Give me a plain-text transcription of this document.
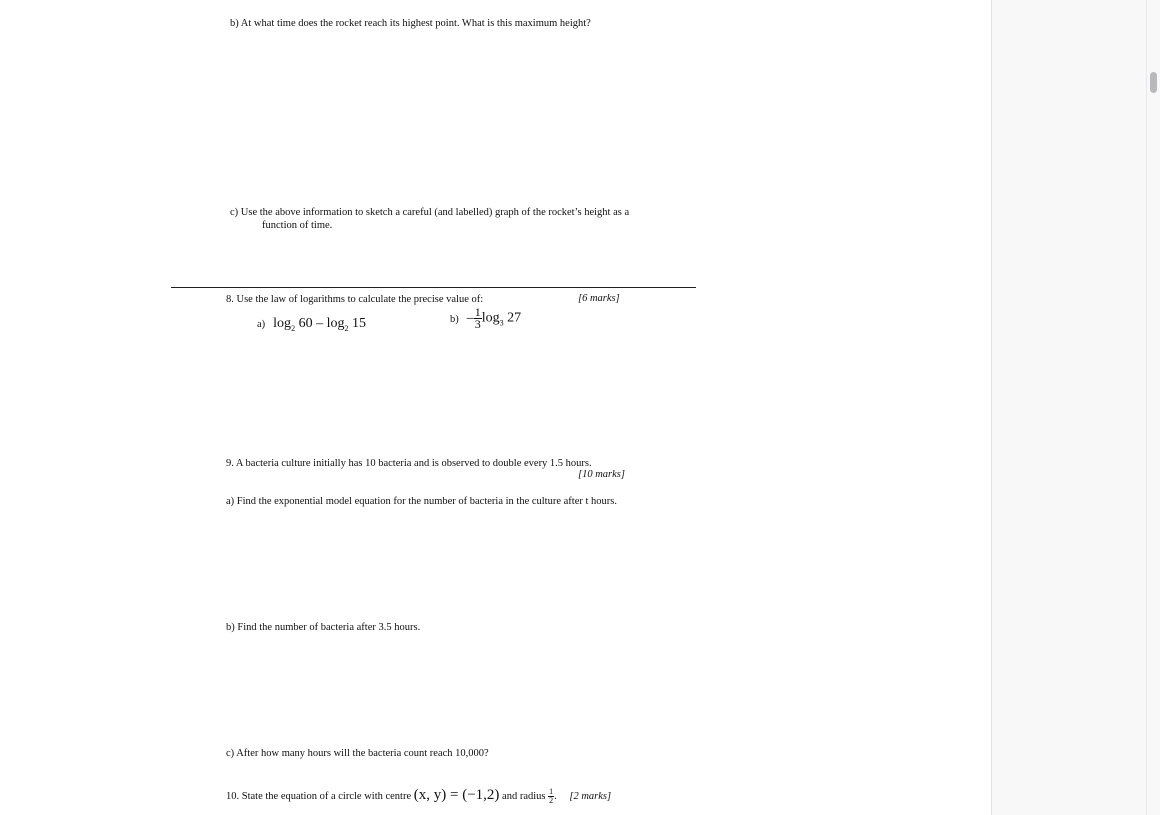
b) At what time does the rocket reach its highest point. What is this maximum height?
c) Use the above information to sketch a careful (and labelled) graph of the rocket’s height as a
function of time.
8. Use the law of logarithms to calculate the precise value of:	[6 marks]
a) $\log_2 60 - \log_2 15$	$b) - \frac{1}{3} \log_3 27$
9. A bacteria culture initially has 10 bacteria and is observed to double every 1.5 hours.
[10 marks]
a) Find the exponential model equation for the number of bacteria in the culture after t hours.
b) Find the number of bacteria after 3.5 hours.
c) After how many hours will the bacteria count reach 10,000?
10. State the equation of a circle with centre (x, y) = (−1,2) and radius $\frac{1}{2}$ . [2 marks]
